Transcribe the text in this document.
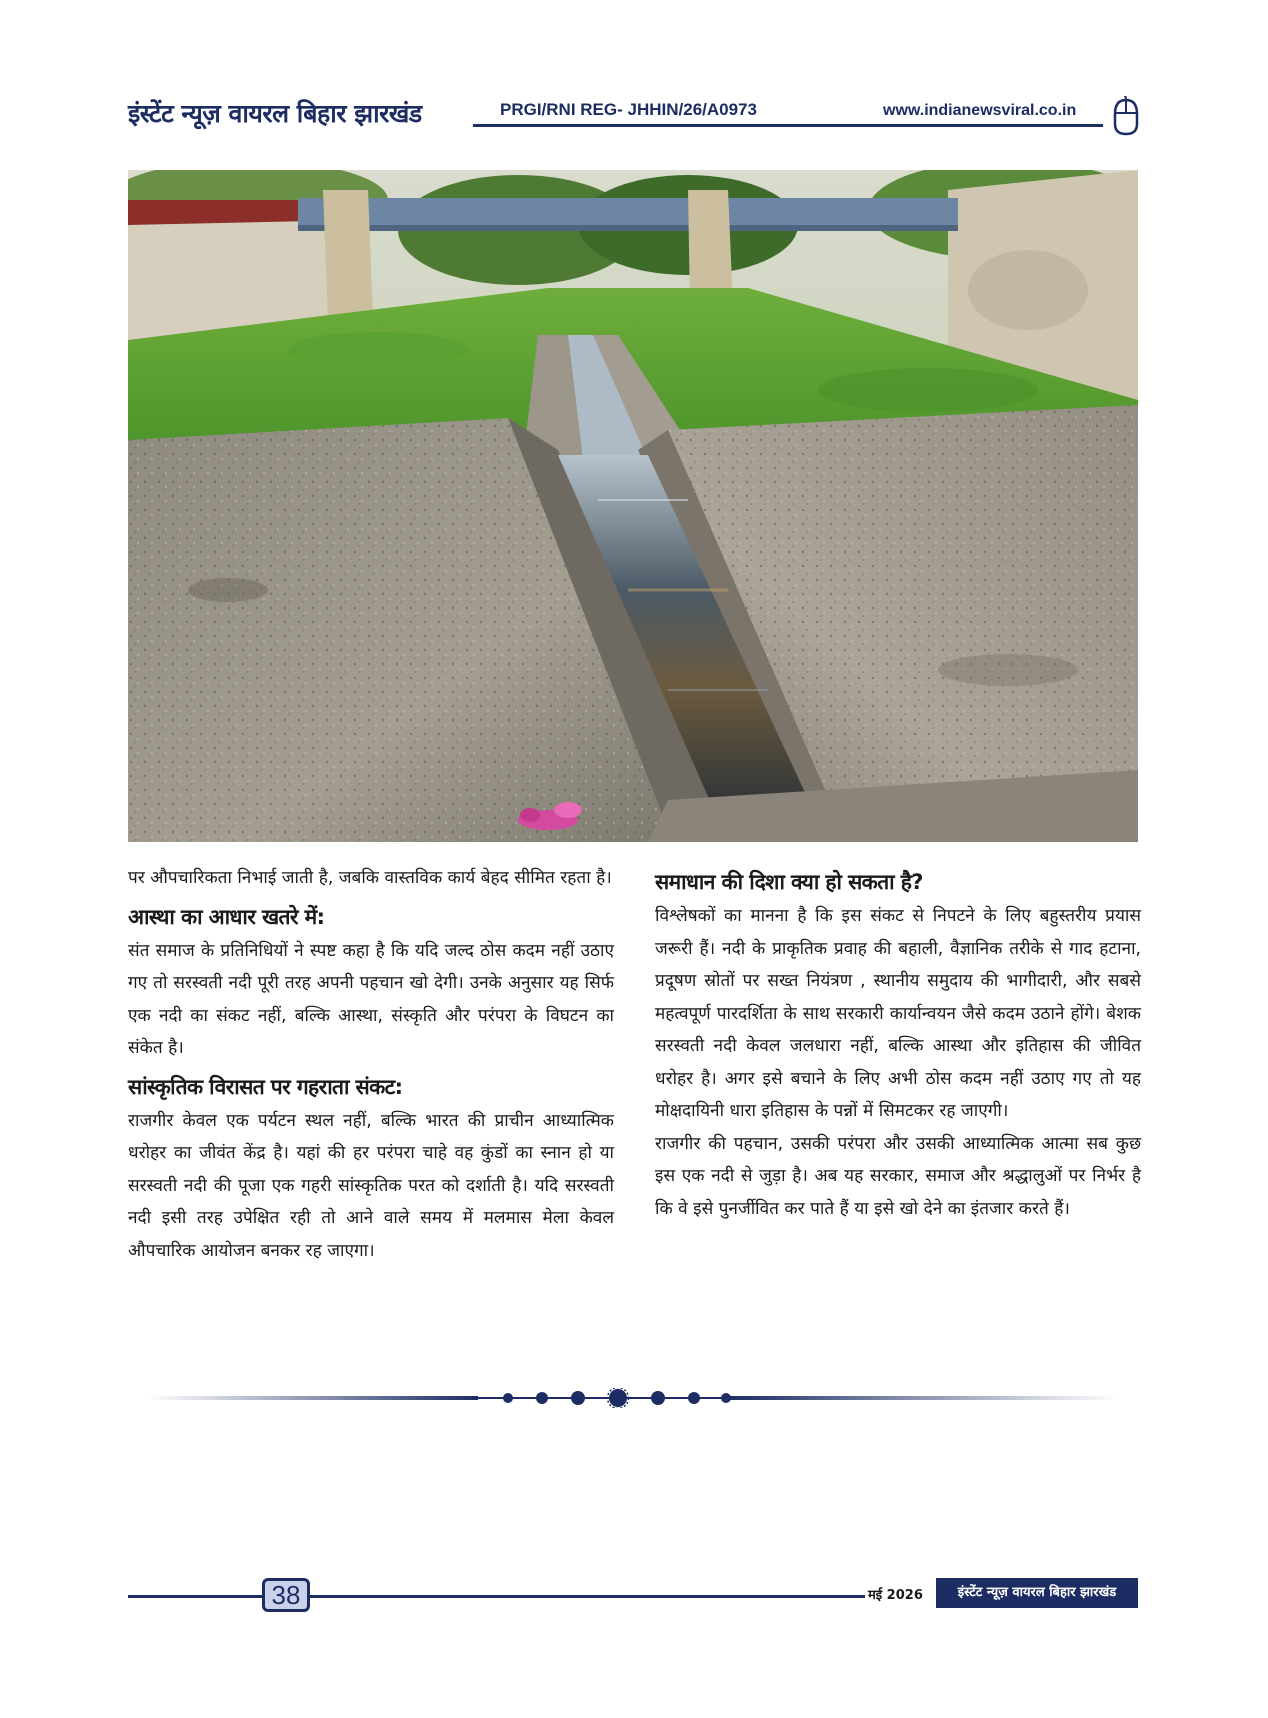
इंस्टेंट न्यूज़ वायरल बिहार झारखंड	PRGI/RNI REG- JHHIN/26/A0973	www.indianewsviral.co.in

पर औपचारिकता निभाई जाती है, जबकि वास्तविक कार्य बेहद सीमित रहता है।

आस्था का आधार खतरे में:

संत समाज के प्रतिनिधियों ने स्पष्ट कहा है कि यदि जल्द ठोस कदम नहीं उठाए गए तो सरस्वती नदी पूरी तरह अपनी पहचान खो देगी। उनके अनुसार यह सिर्फ एक नदी का संकट नहीं, बल्कि आस्था, संस्कृति और परंपरा के विघटन का संकेत है।

सांस्कृतिक विरासत पर गहराता संकट:

राजगीर केवल एक पर्यटन स्थल नहीं, बल्कि भारत की प्राचीन आध्यात्मिक धरोहर का जीवंत केंद्र है। यहां की हर परंपरा चाहे वह कुंडों का स्नान हो या सरस्वती नदी की पूजा एक गहरी सांस्कृतिक परत को दर्शाती है। यदि सरस्वती नदी इसी तरह उपेक्षित रही तो आने वाले समय में मलमास मेला केवल औपचारिक आयोजन बनकर रह जाएगा।

समाधान की दिशा क्या हो सकता है?

विश्लेषकों का मानना है कि इस संकट से निपटने के लिए बहुस्तरीय प्रयास जरूरी हैं। नदी के प्राकृतिक प्रवाह की बहाली, वैज्ञानिक तरीके से गाद हटाना, प्रदूषण स्रोतों पर सख्त नियंत्रण , स्थानीय समुदाय की भागीदारी, और सबसे महत्वपूर्ण पारदर्शिता के साथ सरकारी कार्यान्वयन जैसे कदम उठाने होंगे। बेशक सरस्वती नदी केवल जलधारा नहीं, बल्कि आस्था और इतिहास की जीवित धरोहर है। अगर इसे बचाने के लिए अभी ठोस कदम नहीं उठाए गए तो यह मोक्षदायिनी धारा इतिहास के पन्नों में सिमटकर रह जाएगी।

राजगीर की पहचान, उसकी परंपरा और उसकी आध्यात्मिक आत्मा सब कुछ इस एक नदी से जुड़ा है। अब यह सरकार, समाज और श्रद्धालुओं पर निर्भर है कि वे इसे पुनर्जीवित कर पाते हैं या इसे खो देने का इंतजार करते हैं।

38	मई 2026	इंस्टेंट न्यूज़ वायरल बिहार झारखंड
